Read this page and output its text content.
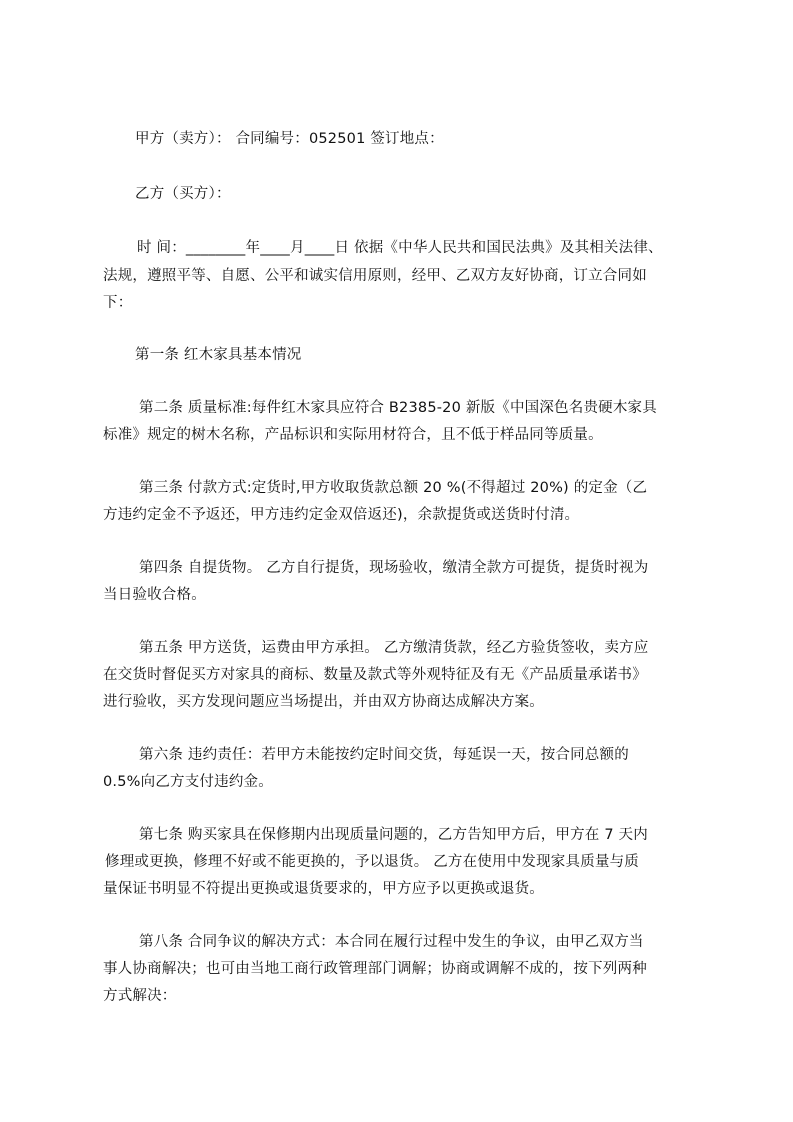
甲方（卖方）： 合同编号：052501 签订地点：
乙方（买方）：
时 间：________年____月____日 依据《中华人民共和国民法典》及其相关法律、
法规，遵照平等、自愿、公平和诚实信用原则，经甲、乙双方友好协商，订立合同如
下：
第一条 红木家具基本情况
第二条 质量标准:每件红木家具应符合 B2385-20 新版《中国深色名贵硬木家具
标准》规定的树木名称，产品标识和实际用材符合，且不低于样品同等质量。
第三条 付款方式:定货时,甲方收取货款总额 20 %(不得超过 20%) 的定金（乙
方违约定金不予返还，甲方违约定金双倍返还)，余款提货或送货时付清。
第四条 自提货物。 乙方自行提货，现场验收，缴清全款方可提货，提货时视为
当日验收合格。
第五条 甲方送货，运费由甲方承担。 乙方缴清货款，经乙方验货签收，卖方应
在交货时督促买方对家具的商标、数量及款式等外观特征及有无《产品质量承诺书》
进行验收，买方发现问题应当场提出，并由双方协商达成解决方案。
第六条 违约责任：若甲方未能按约定时间交货，每延误一天，按合同总额的
0.5%向乙方支付违约金。
第七条 购买家具在保修期内出现质量问题的，乙方告知甲方后，甲方在 7 天内
修理或更换，修理不好或不能更换的，予以退货。 乙方在使用中发现家具质量与质
量保证书明显不符提出更换或退货要求的，甲方应予以更换或退货。
第八条 合同争议的解决方式：本合同在履行过程中发生的争议，由甲乙双方当
事人协商解决；也可由当地工商行政管理部门调解；协商或调解不成的，按下列两种
方式解决：
